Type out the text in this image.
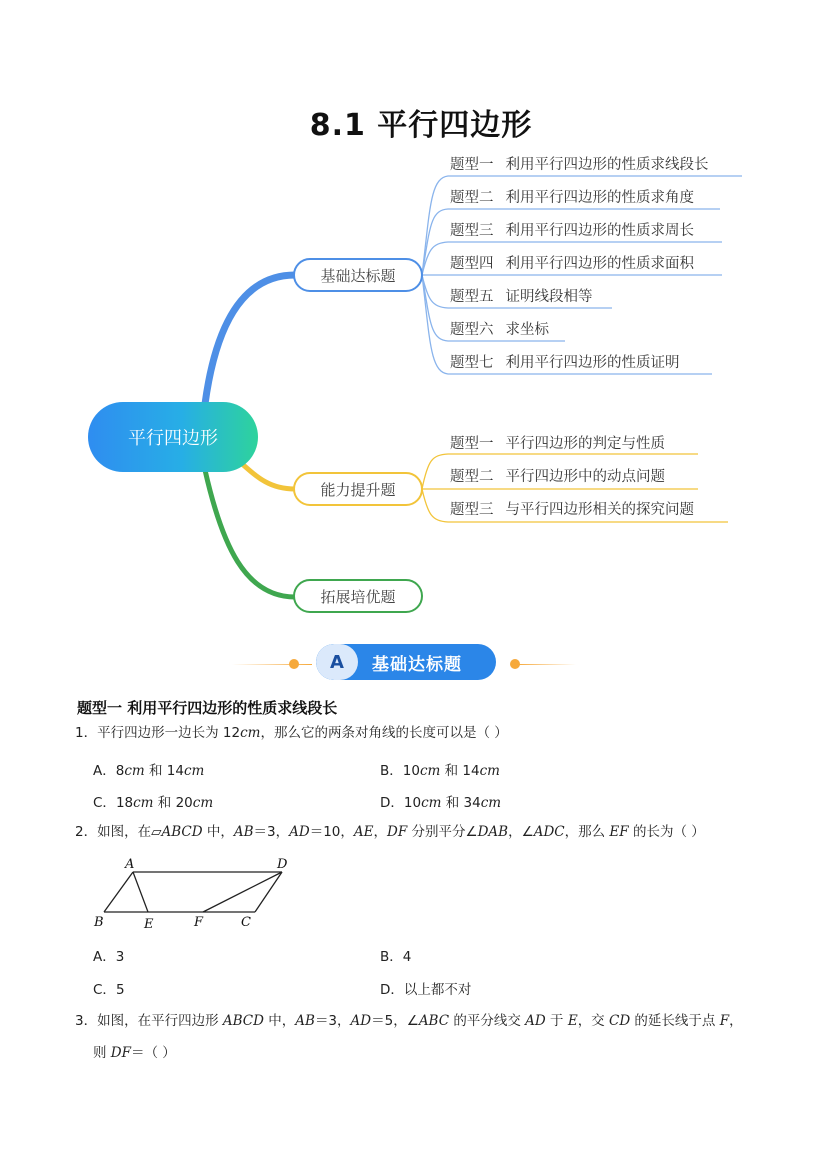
8.1 平行四边形
平行四边形
基础达标题
能力提升题
拓展培优题
题型一 利用平行四边形的性质求线段长
题型二 利用平行四边形的性质求角度
题型三 利用平行四边形的性质求周长
题型四 利用平行四边形的性质求面积
题型五 证明线段相等
题型六 求坐标
题型七 利用平行四边形的性质证明
题型一 平行四边形的判定与性质
题型二 平行四边形中的动点问题
题型三 与平行四边形相关的探究问题
A	基础达标题
题型一 利用平行四边形的性质求线段长
1．平行四边形一边长为 12cm，那么它的两条对角线的长度可以是（ ）
A．8cm 和 14cm	B．10cm 和 14cm
C．18cm 和 20cm	D．10cm 和 34cm
2．如图，在▱ABCD 中，AB＝3，AD＝10，AE，DF 分别平分∠DAB，∠ADC，那么 EF 的长为（ ）
A	D
B	E	F	C
A．3	B．4
C．5	D．以上都不对
3．如图，在平行四边形 ABCD 中，AB＝3，AD＝5，∠ABC 的平分线交 AD 于 E，交 CD 的延长线于点 F，
则 DF＝（ ）
